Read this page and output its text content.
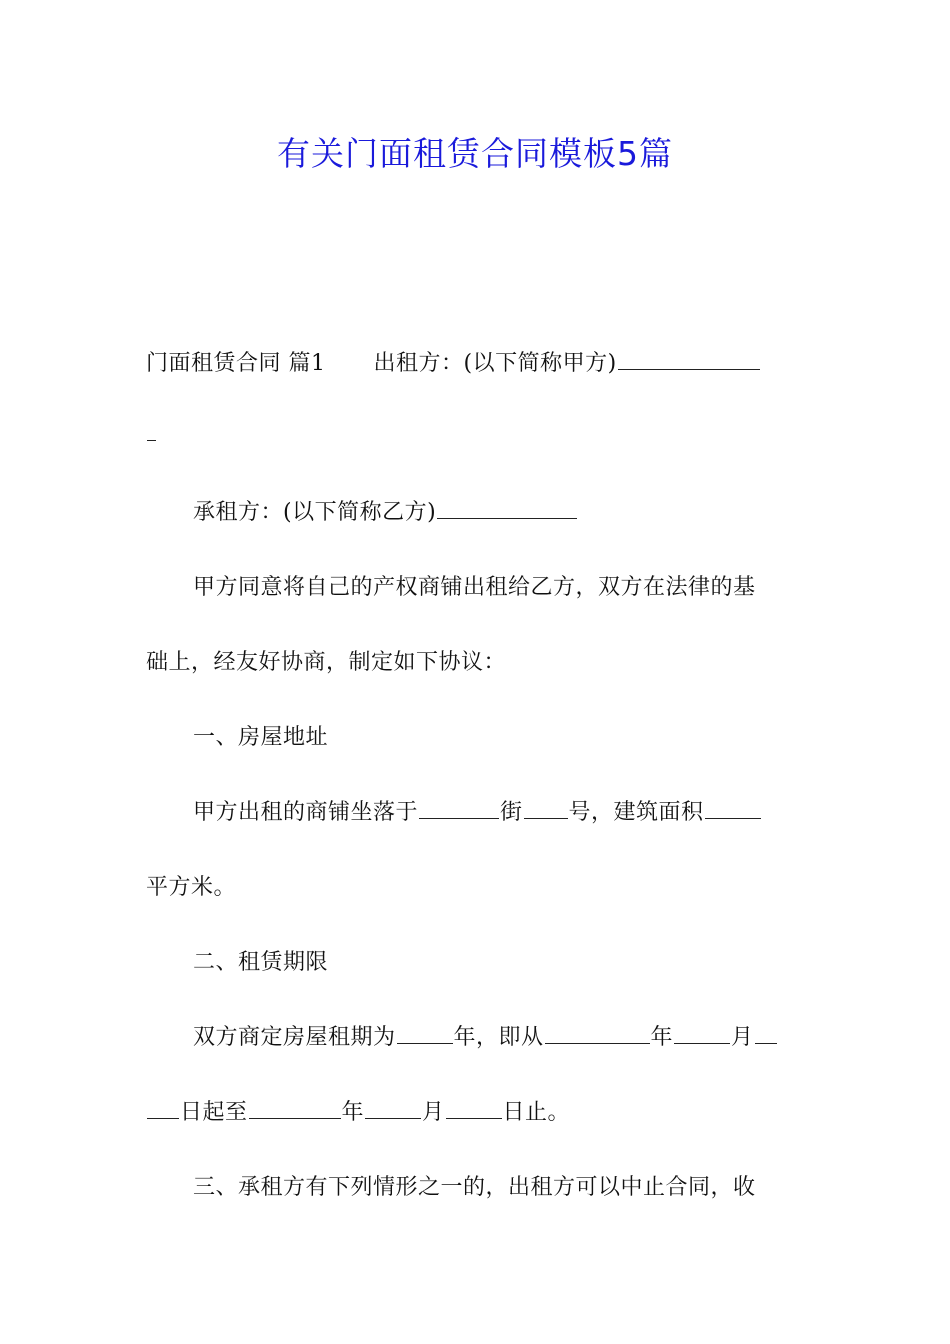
有关门面租赁合同模板5篇
门面租赁合同 篇1 出租方：(以下简称甲方)
承租方：(以下简称乙方)
甲方同意将自己的产权商铺出租给乙方，双方在法律的基
础上，经友好协商，制定如下协议：
一、房屋地址
甲方出租的商铺坐落于	街 号，建筑面积
平方米。
二、租赁期限
双方商定房屋租期为	年，即从	年	月
日起至	年	月	日止。
三、承租方有下列情形之一的，出租方可以中止合同，收
